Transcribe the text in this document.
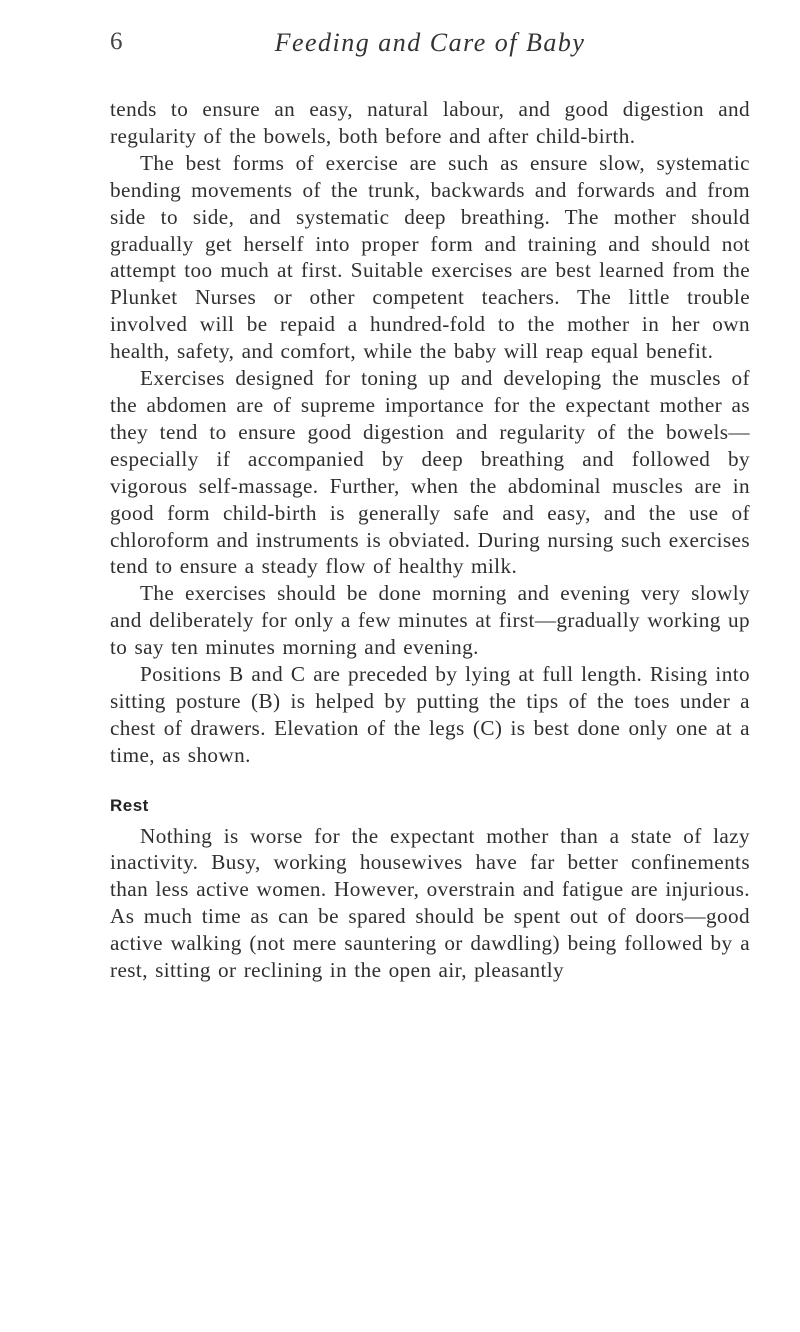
6	Feeding and Care of Baby

tends to ensure an easy, natural labour, and good digestion and regularity of the bowels, both before and after child-birth.

The best forms of exercise are such as ensure slow, systematic bending movements of the trunk, backwards and forwards and from side to side, and systematic deep breathing. The mother should gradually get herself into proper form and training and should not attempt too much at first. Suitable exercises are best learned from the Plunket Nurses or other competent teachers. The little trouble involved will be repaid a hundred-fold to the mother in her own health, safety, and comfort, while the baby will reap equal benefit.

Exercises designed for toning up and developing the muscles of the abdomen are of supreme importance for the expectant mother as they tend to ensure good digestion and regularity of the bowels—especially if accompanied by deep breathing and followed by vigorous self-massage. Further, when the abdominal muscles are in good form child-birth is generally safe and easy, and the use of chloroform and instruments is obviated. During nursing such exercises tend to ensure a steady flow of healthy milk.

The exercises should be done morning and evening very slowly and deliberately for only a few minutes at first—gradually working up to say ten minutes morning and evening.

Positions B and C are preceded by lying at full length. Rising into sitting posture (B) is helped by putting the tips of the toes under a chest of drawers. Elevation of the legs (C) is best done only one at a time, as shown.

Rest

Nothing is worse for the expectant mother than a state of lazy inactivity. Busy, working housewives have far better confinements than less active women. However, overstrain and fatigue are injurious. As much time as can be spared should be spent out of doors—good active walking (not mere sauntering or dawdling) being followed by a rest, sitting or reclining in the open air, pleasantly
